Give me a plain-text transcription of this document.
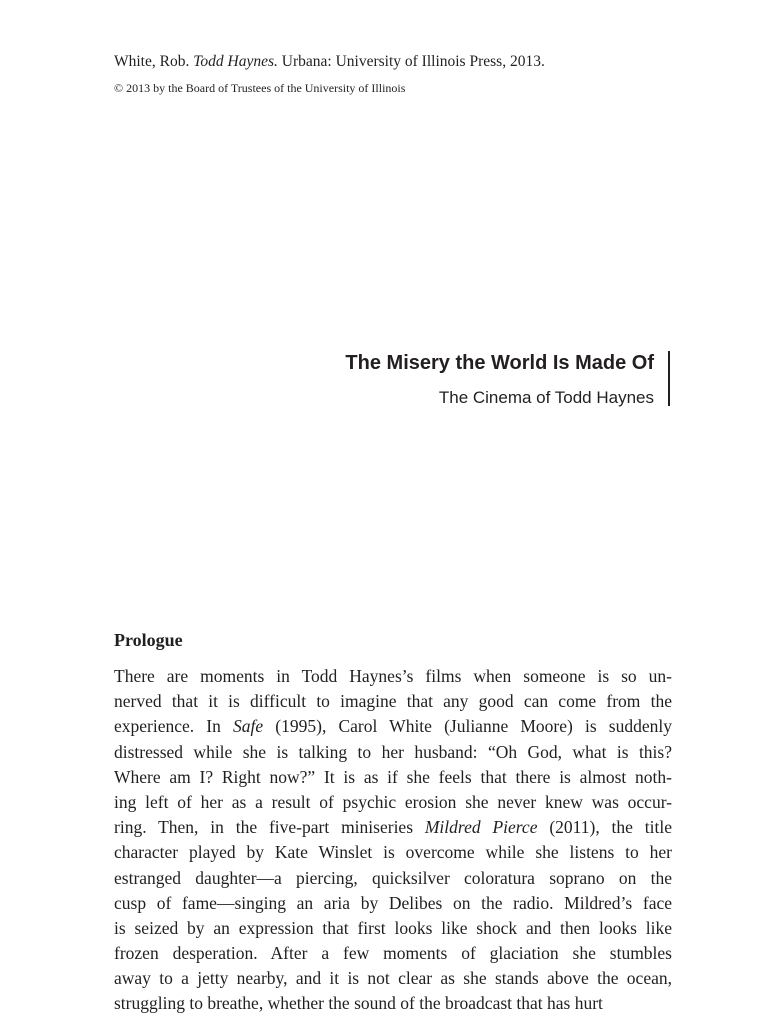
White, Rob. Todd Haynes. Urbana: University of Illinois Press, 2013.
© 2013 by the Board of Trustees of the University of Illinois
The Misery the World Is Made Of
The Cinema of Todd Haynes
Prologue
There are moments in Todd Haynes’s films when someone is so un-
nerved that it is difficult to imagine that any good can come from the
experience. In Safe (1995), Carol White (Julianne Moore) is suddenly
distressed while she is talking to her husband: “Oh God, what is this?
Where am I? Right now?” It is as if she feels that there is almost noth-
ing left of her as a result of psychic erosion she never knew was occur-
ring. Then, in the five-part miniseries Mildred Pierce (2011), the title
character played by Kate Winslet is overcome while she listens to her
estranged daughter—a piercing, quicksilver coloratura soprano on the
cusp of fame—singing an aria by Delibes on the radio. Mildred’s face
is seized by an expression that first looks like shock and then looks like
frozen desperation. After a few moments of glaciation she stumbles
away to a jetty nearby, and it is not clear as she stands above the ocean,
struggling to breathe, whether the sound of the broadcast that has hurt
